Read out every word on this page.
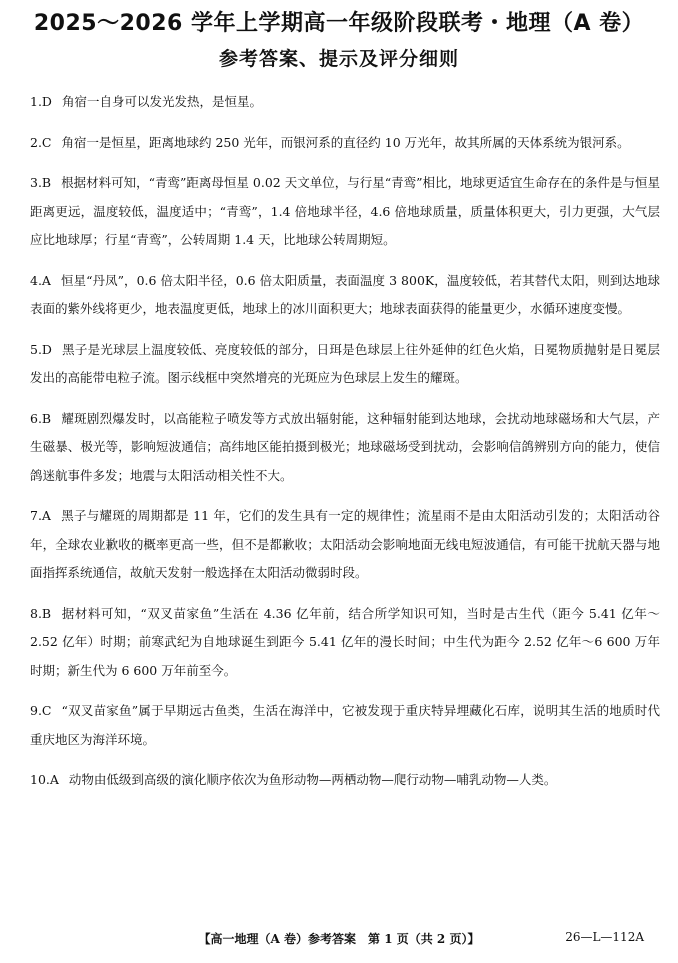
2025～2026 学年上学期高一年级阶段联考・地理（A 卷）
参考答案、提示及评分细则

1.D 角宿一自身可以发光发热，是恒星。

2.C 角宿一是恒星，距离地球约 250 光年，而银河系的直径约 10 万光年，故其所属的天体系统为银河系。

3.B 根据材料可知，“青鸾”距离母恒星 0.02 天文单位，与行星“青鸾”相比，地球更适宜生命存在的条件是与恒星距离更远，温度较低，温度适中；“青鸾”，1.4 倍地球半径，4.6 倍地球质量，质量体积更大，引力更强，大气层应比地球厚；行星“青鸾”，公转周期 1.4 天，比地球公转周期短。

4.A 恒星“丹凤”，0.6 倍太阳半径，0.6 倍太阳质量，表面温度 3 800K，温度较低，若其替代太阳，则到达地球表面的紫外线将更少，地表温度更低，地球上的冰川面积更大；地球表面获得的能量更少，水循环速度变慢。

5.D 黑子是光球层上温度较低、亮度较低的部分，日珥是色球层上往外延伸的红色火焰，日冕物质抛射是日冕层发出的高能带电粒子流。图示线框中突然增亮的光斑应为色球层上发生的耀斑。

6.B 耀斑剧烈爆发时，以高能粒子喷发等方式放出辐射能，这种辐射能到达地球，会扰动地球磁场和大气层，产生磁暴、极光等，影响短波通信；高纬地区能拍摄到极光；地球磁场受到扰动，会影响信鸽辨别方向的能力，使信鸽迷航事件多发；地震与太阳活动相关性不大。

7.A 黑子与耀斑的周期都是 11 年，它们的发生具有一定的规律性；流星雨不是由太阳活动引发的；太阳活动谷年，全球农业歉收的概率更高一些，但不是都歉收；太阳活动会影响地面无线电短波通信，有可能干扰航天器与地面指挥系统通信，故航天发射一般选择在太阳活动微弱时段。

8.B 据材料可知，“双叉苗家鱼”生活在 4.36 亿年前，结合所学知识可知，当时是古生代（距今 5.41 亿年～2.52 亿年）时期；前寒武纪为自地球诞生到距今 5.41 亿年的漫长时间；中生代为距今 2.52 亿年～6 600 万年时期；新生代为 6 600 万年前至今。

9.C “双叉苗家鱼”属于早期远古鱼类，生活在海洋中，它被发现于重庆特异埋藏化石库，说明其生活的地质时代重庆地区为海洋环境。

10.A 动物由低级到高级的演化顺序依次为鱼形动物—两栖动物—爬行动物—哺乳动物—人类。

【高一地理（A 卷）参考答案　第 1 页（共 2 页）】	26—L—112A
